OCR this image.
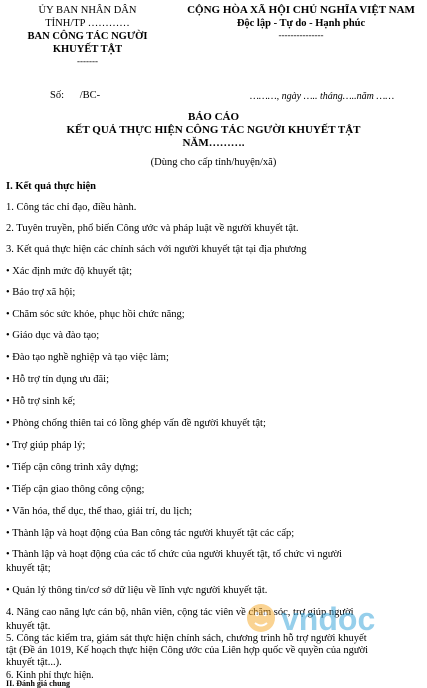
ỦY BAN NHÂN DÂN
TỈNH/TP …………
BAN CÔNG TÁC NGƯỜI
KHUYẾT TẬT
-------
CỘNG HÒA XÃ HỘI CHỦ NGHĨA VIỆT NAM
Độc lập - Tự do - Hạnh phúc
---------------
Số:      /BC-	………, ngày ….. tháng…..năm ……
BÁO CÁO
KẾT QUẢ THỰC HIỆN CÔNG TÁC NGƯỜI KHUYẾT TẬT
NĂM……….
(Dùng cho cấp tỉnh/huyện/xã)
I. Kết quả thực hiện
1. Công tác chỉ đạo, điều hành.
2. Tuyên truyền, phổ biến Công ước và pháp luật về người khuyết tật.
3. Kết quả thực hiện các chính sách với người khuyết tật tại địa phương
• Xác định mức độ khuyết tật;
• Bảo trợ xã hội;
• Chăm sóc sức khỏe, phục hồi chức năng;
• Giáo dục và đào tạo;
• Đào tạo nghề nghiệp và tạo việc làm;
• Hỗ trợ tín dụng ưu đãi;
• Hỗ trợ sinh kế;
• Phòng chống thiên tai có lồng ghép vấn đề người khuyết tật;
• Trợ giúp pháp lý;
• Tiếp cận công trình xây dựng;
• Tiếp cận giao thông công cộng;
• Văn hóa, thể dục, thể thao, giải trí, du lịch;
• Thành lập và hoạt động của Ban công tác người khuyết tật các cấp;
• Thành lập và hoạt động của các tổ chức của người khuyết tật, tổ chức vì người
khuyết tật;
• Quản lý thông tin/cơ sở dữ liệu về lĩnh vực người khuyết tật.
4. Nâng cao năng lực cán bộ, nhân viên, cộng tác viên về chăm sóc, trợ giúp người
khuyết tật.
5. Công tác kiểm tra, giám sát thực hiện chính sách, chương trình hỗ trợ người khuyết
tật (Đề án 1019, Kế hoạch thực hiện Công ước của Liên hợp quốc về quyền của người
khuyết tật...).
vndoc
6. Kinh phí thực hiện.
II. Đánh giá chung
